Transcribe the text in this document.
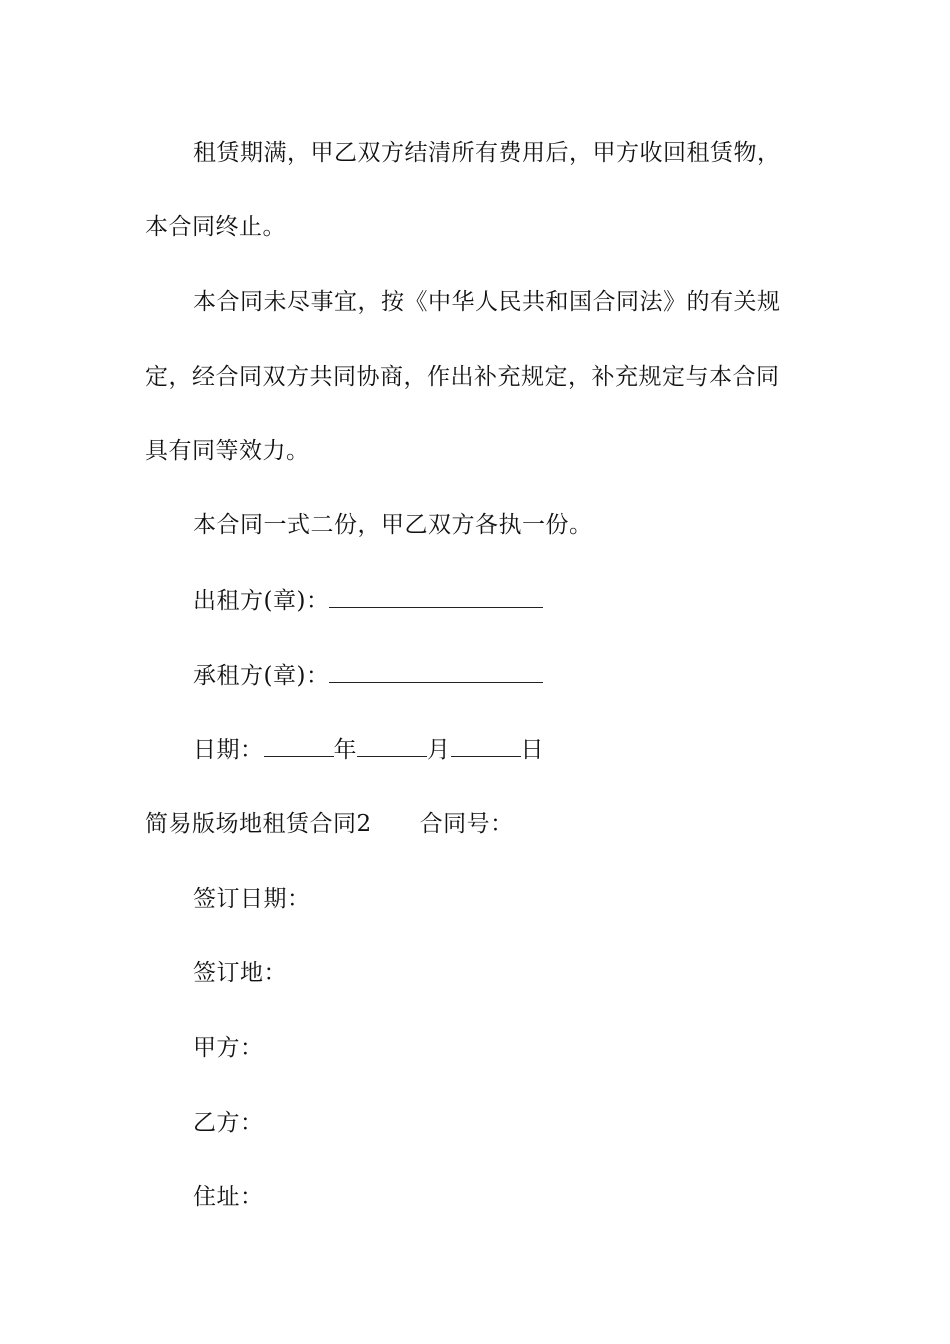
租赁期满，甲乙双方结清所有费用后，甲方收回租赁物，
本合同终止。
本合同未尽事宜，按《中华人民共和国合同法》的有关规
定，经合同双方共同协商，作出补充规定，补充规定与本合同
具有同等效力。
本合同一式二份，甲乙双方各执一份。
出租方(章)：
承租方(章)：
日期：	年	月	日
简易版场地租赁合同2 合同号：
签订日期：
签订地：
甲方：
乙方：
住址：
